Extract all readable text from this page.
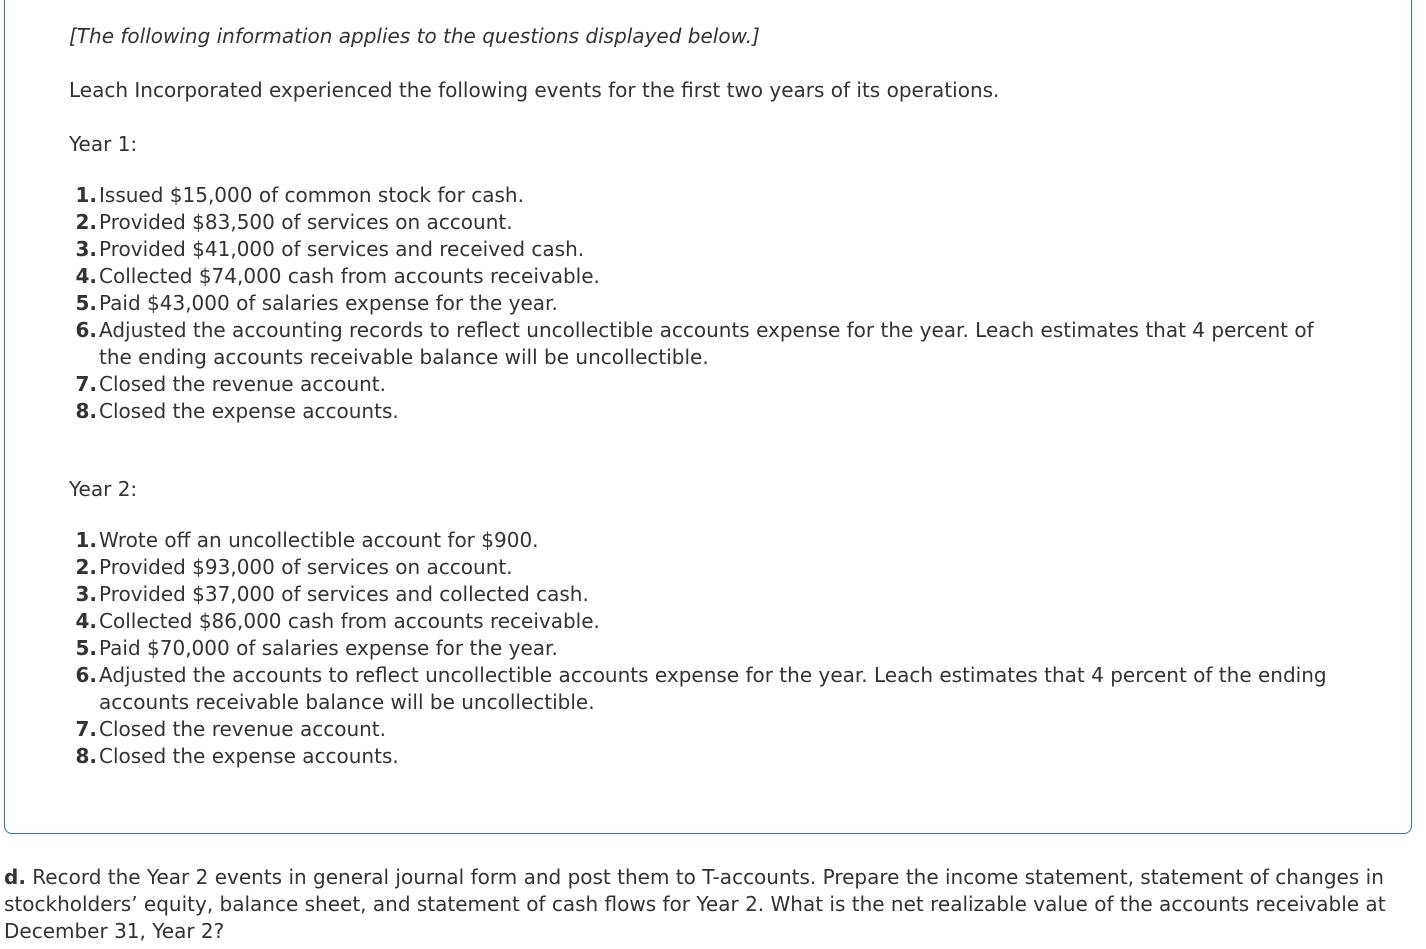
[The following information applies to the questions displayed below.]

Leach Incorporated experienced the following events for the first two years of its operations.

Year 1:
1. Issued $15,000 of common stock for cash.
2. Provided $83,500 of services on account.
3. Provided $41,000 of services and received cash.
4. Collected $74,000 cash from accounts receivable.
5. Paid $43,000 of salaries expense for the year.
6. Adjusted the accounting records to reflect uncollectible accounts expense for the year. Leach estimates that 4 percent of the ending accounts receivable balance will be uncollectible.
7. Closed the revenue account.
8. Closed the expense accounts.
Year 2:
1. Wrote off an uncollectible account for $900.
2. Provided $93,000 of services on account.
3. Provided $37,000 of services and collected cash.
4. Collected $86,000 cash from accounts receivable.
5. Paid $70,000 of salaries expense for the year.
6. Adjusted the accounts to reflect uncollectible accounts expense for the year. Leach estimates that 4 percent of the ending accounts receivable balance will be uncollectible.
7. Closed the revenue account.
8. Closed the expense accounts.

d. Record the Year 2 events in general journal form and post them to T-accounts. Prepare the income statement, statement of changes in stockholders’ equity, balance sheet, and statement of cash flows for Year 2. What is the net realizable value of the accounts receivable at December 31, Year 2?
